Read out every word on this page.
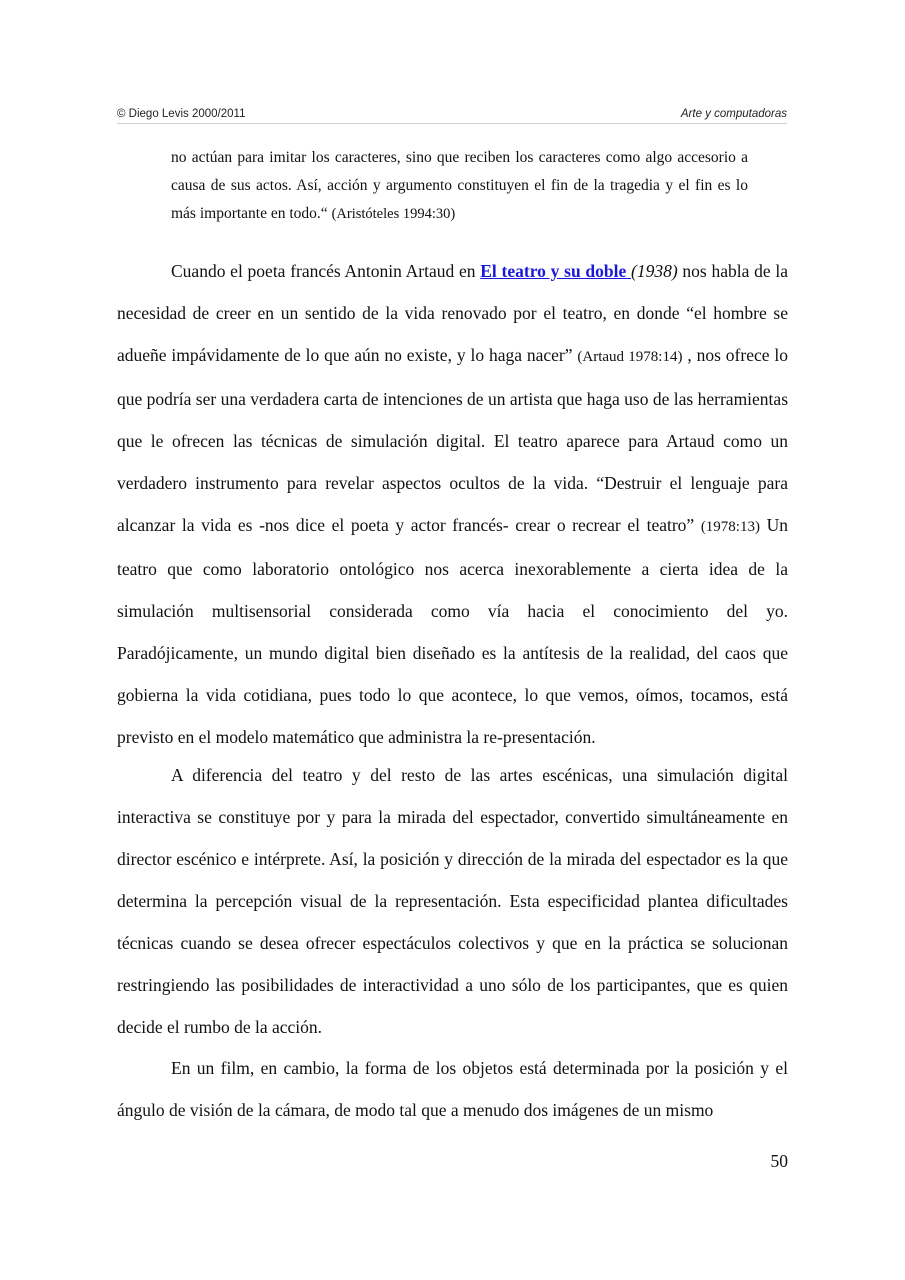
© Diego Levis 2000/2011	Arte y computadoras
no actúan para imitar los caracteres, sino que reciben los caracteres como algo accesorio a causa de sus actos. Así, acción y argumento constituyen el fin de la tragedia y el fin es lo más importante en todo.“ (Aristóteles 1994:30)

Cuando el poeta francés Antonin Artaud en El teatro y su doble (1938) nos habla de la necesidad de creer en un sentido de la vida renovado por el teatro, en donde “el hombre se adueñe impávidamente de lo que aún no existe, y lo haga nacer” (Artaud 1978:14) , nos ofrece lo que podría ser una verdadera carta de intenciones de un artista que haga uso de las herramientas que le ofrecen las técnicas de simulación digital. El teatro aparece para Artaud como un verdadero instrumento para revelar aspectos ocultos de la vida. “Destruir el lenguaje para alcanzar la vida es -nos dice el poeta y actor francés- crear o recrear el teatro” (1978:13) Un teatro que como laboratorio ontológico nos acerca inexorablemente a cierta idea de la simulación multisensorial considerada como vía hacia el conocimiento del yo. Paradójicamente, un mundo digital bien diseñado es la antítesis de la realidad, del caos que gobierna la vida cotidiana, pues todo lo que acontece, lo que vemos, oímos, tocamos, está previsto en el modelo matemático que administra la re-presentación.

A diferencia del teatro y del resto de las artes escénicas, una simulación digital interactiva se constituye por y para la mirada del espectador, convertido simultáneamente en director escénico e intérprete. Así, la posición y dirección de la mirada del espectador es la que determina la percepción visual de la representación. Esta especificidad plantea dificultades técnicas cuando se desea ofrecer espectáculos colectivos y que en la práctica se solucionan restringiendo las posibilidades de interactividad a uno sólo de los participantes, que es quien decide el rumbo de la acción.

En un film, en cambio, la forma de los objetos está determinada por la posición y el ángulo de visión de la cámara, de modo tal que a menudo dos imágenes de un mismo

50
